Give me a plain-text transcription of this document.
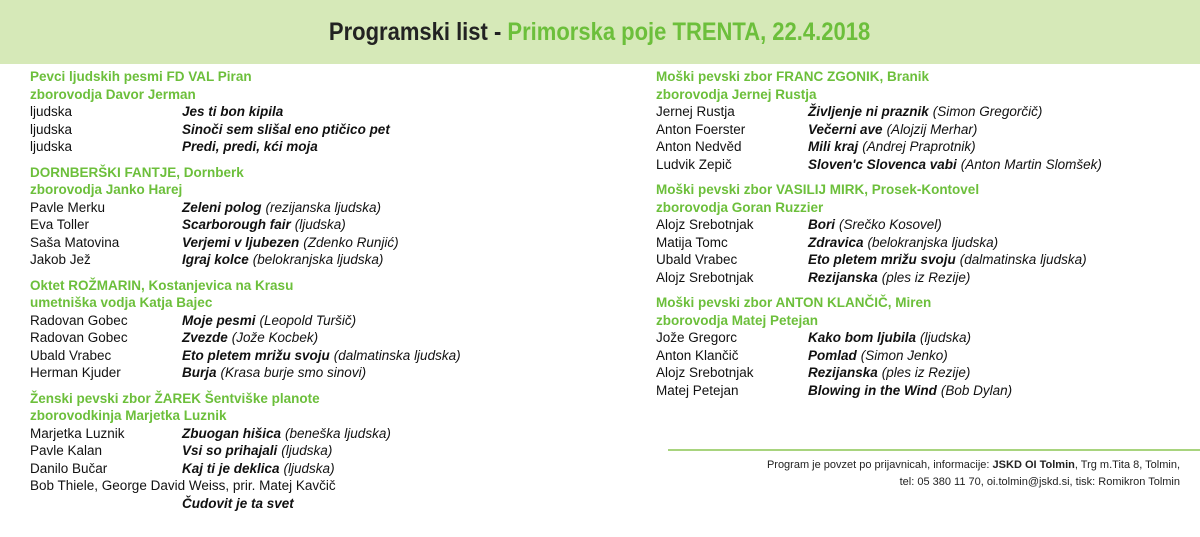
Programski list - Primorska poje TRENTA, 22.4.2018
Pevci ljudskih pesmi FD VAL Piran
zborovodja Davor Jerman
ljudska	Jes ti bon kipila
ljudska	Sinoči sem slišal eno ptičico pet
ljudska	Predi, predi, kći moja
DORNBERŠKI FANTJE, Dornberk
zborovodja Janko Harej
Pavle Merku	Zeleni polog (rezijanska ljudska)
Eva Toller	Scarborough fair (ljudska)
Saša Matovina	Verjemi v ljubezen (Zdenko Runjić)
Jakob Jež	Igraj kolce (belokranjska ljudska)
Oktet ROŽMARIN, Kostanjevica na Krasu
umetniška vodja Katja Bajec
Radovan Gobec	Moje pesmi (Leopold Turšič)
Radovan Gobec	Zvezde (Jože Kocbek)
Ubald Vrabec	Eto pletem mrižu svoju (dalmatinska ljudska)
Herman Kjuder	Burja (Krasa burje smo sinovi)
Ženski pevski zbor ŽAREK Šentviške planote
zborovodkinja Marjetka Luznik
Marjetka Luznik	Zbuogan hišica (beneška ljudska)
Pavle Kalan	Vsi so prihajali (ljudska)
Danilo Bučar	Kaj ti je deklica (ljudska)
Bob Thiele, George David Weiss, prir. Matej Kavčič
Čudovit je ta svet
Moški pevski zbor FRANC ZGONIK, Branik
zborovodja Jernej Rustja
Jernej Rustja	Življenje ni praznik (Simon Gregorčič)
Anton Foerster	Večerni ave (Alojzij Merhar)
Anton Nedvěd	Mili kraj (Andrej Praprotnik)
Ludvik Zepič	Sloven'c Slovenca vabi (Anton Martin Slomšek)
Moški pevski zbor VASILIJ MIRK, Prosek-Kontovel
zborovodja Goran Ruzzier
Alojz Srebotnjak	Bori (Srečko Kosovel)
Matija Tomc	Zdravica (belokranjska ljudska)
Ubald Vrabec	Eto pletem mrižu svoju (dalmatinska ljudska)
Alojz Srebotnjak	Rezijanska (ples iz Rezije)
Moški pevski zbor ANTON KLANČIČ, Miren
zborovodja Matej Petejan
Jože Gregorc	Kako bom ljubila (ljudska)
Anton Klančič	Pomlad (Simon Jenko)
Alojz Srebotnjak	Rezijanska (ples iz Rezije)
Matej Petejan	Blowing in the Wind (Bob Dylan)
Program je povzet po prijavnicah, informacije: JSKD OI Tolmin, Trg m.Tita 8, Tolmin,
tel: 05 380 11 70, oi.tolmin@jskd.si, tisk: Romikron Tolmin
